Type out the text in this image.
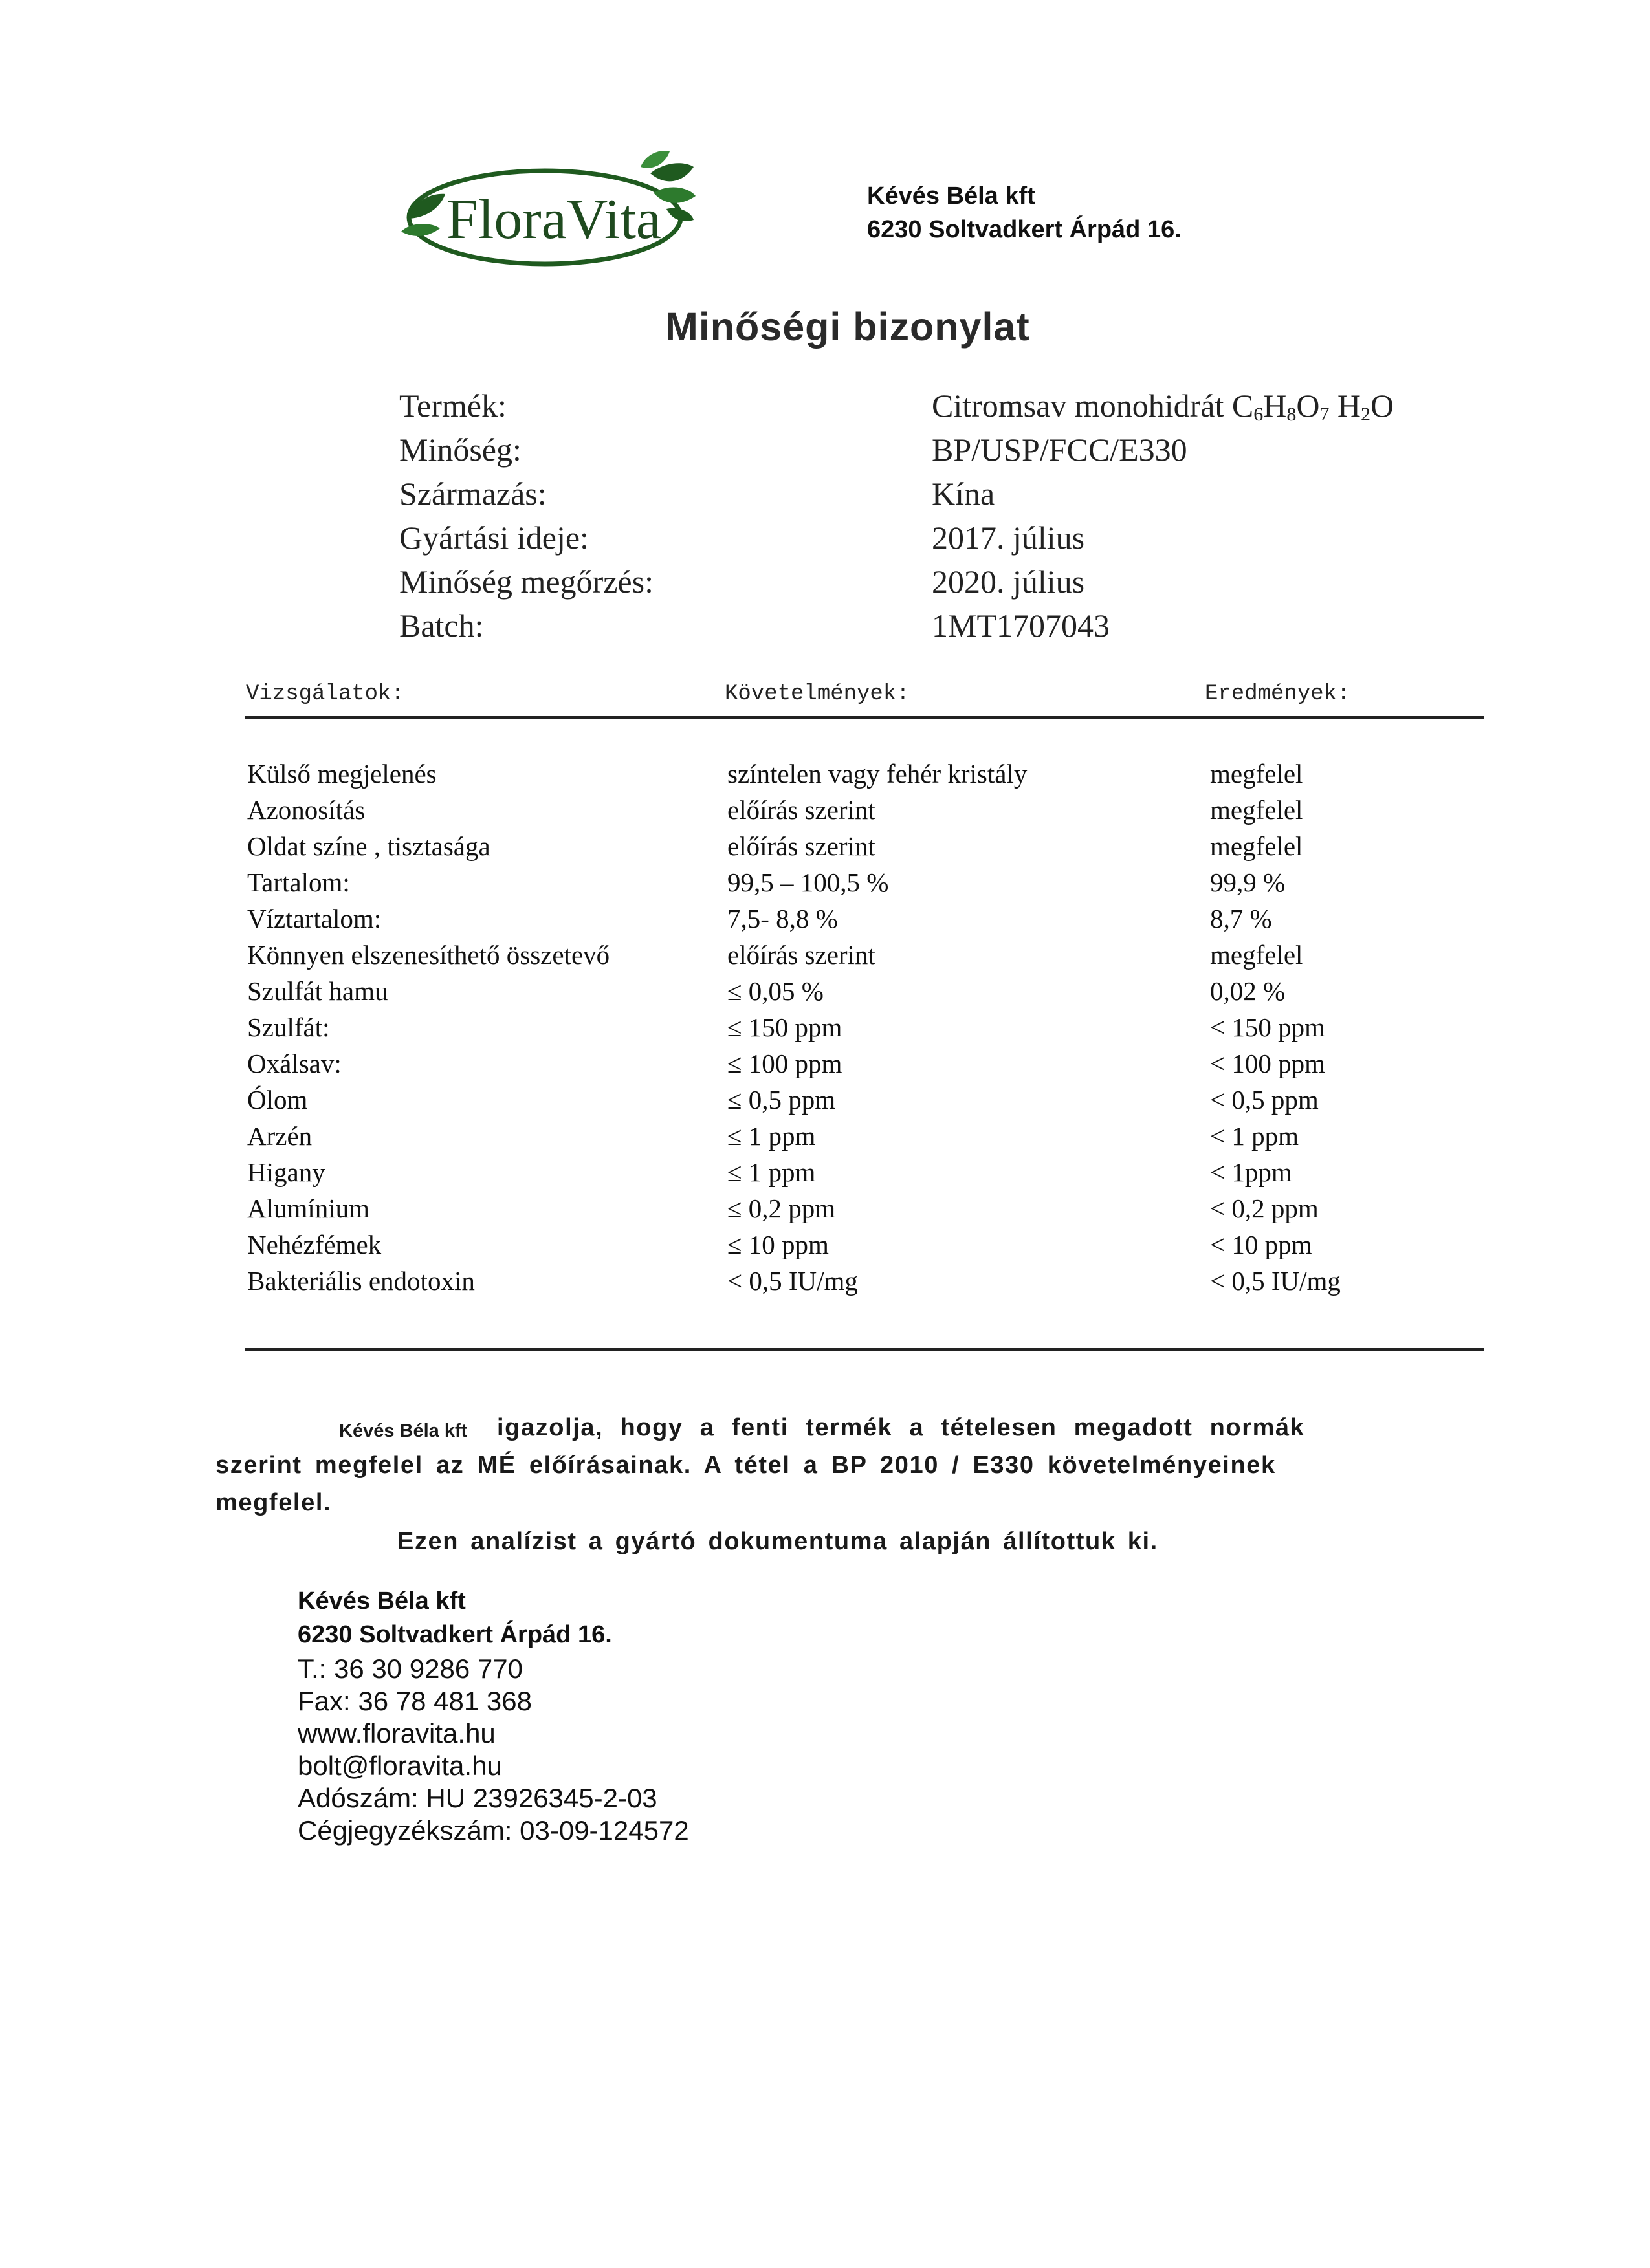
FloraVita	Kévés Béla kft
6230 Soltvadkert Árpád 16.
Minőségi bizonylat
Termék:	Citromsav monohidrát $C_6H_8O_7$ $H_2O$
Minőség:	BP/USP/FCC/E330
Származás:	Kína
Gyártási ideje:	2017. július
Minőség megőrzés:	2020. július
Batch:	1MT1707043
Vizsgálatok:	Követelmények:	Eredmények:
Külső megjelenés	színtelen vagy fehér kristály	megfelel
Azonosítás	előírás szerint	megfelel
Oldat színe , tisztasága	előírás szerint	megfelel
Tartalom:	99,5 – 100,5 %	99,9 %
Víztartalom:	7,5- 8,8 %	8,7 %
Könnyen elszenesíthető összetevő	előírás szerint	megfelel
Szulfát hamu	≤ 0,05 %	0,02 %
Szulfát:	≤ 150 ppm	< 150 ppm
Oxálsav:	≤ 100 ppm	< 100 ppm
Ólom	≤ 0,5 ppm	< 0,5 ppm
Arzén	≤ 1 ppm	< 1 ppm
Higany	≤ 1 ppm	< 1ppm
Alumínium	≤ 0,2 ppm	< 0,2 ppm
Nehézfémek	≤ 10 ppm	< 10 ppm
Bakteriális endotoxin	< 0,5 IU/mg	< 0,5 IU/mg
Kévés Béla kft igazolja, hogy a fenti termék a tételesen megadott normák
szerint megfelel az MÉ előírásainak. A tétel a BP 2010 / E330 követelményeinek
megfelel.
Ezen analízist a gyártó dokumentuma alapján állítottuk ki.
Kévés Béla kft
6230 Soltvadkert Árpád 16.
T.: 36 30 9286 770
Fax: 36 78 481 368
www.floravita.hu
bolt@floravita.hu
Adószám: HU 23926345-2-03
Cégjegyzékszám: 03-09-124572
